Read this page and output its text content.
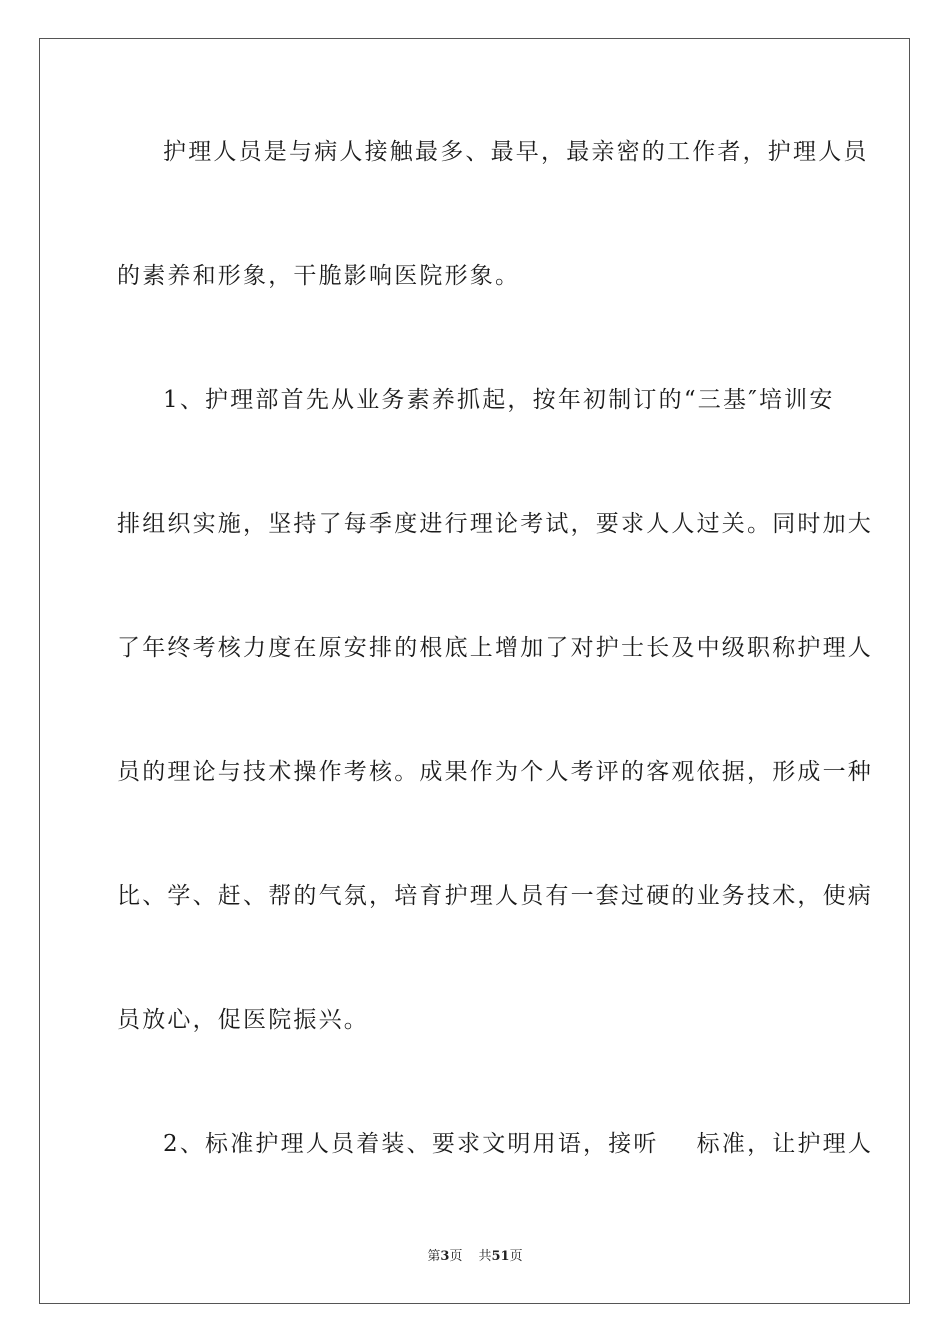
护理人员是与病人接触最多、最早，最亲密的工作者，护理人员
的素养和形象，干脆影响医院形象。
1、护理部首先从业务素养抓起，按年初制订的“三基″培训安
排组织实施，坚持了每季度进行理论考试，要求人人过关。同时加大
了年终考核力度在原安排的根底上增加了对护士长及中级职称护理人
员的理论与技术操作考核。成果作为个人考评的客观依据，形成一种
比、学、赶、帮的气氛，培育护理人员有一套过硬的业务技术，使病
员放心，促医院振兴。
2、标准护理人员着装、要求文明用语，接听    标准，让护理人
第3页 共51页
